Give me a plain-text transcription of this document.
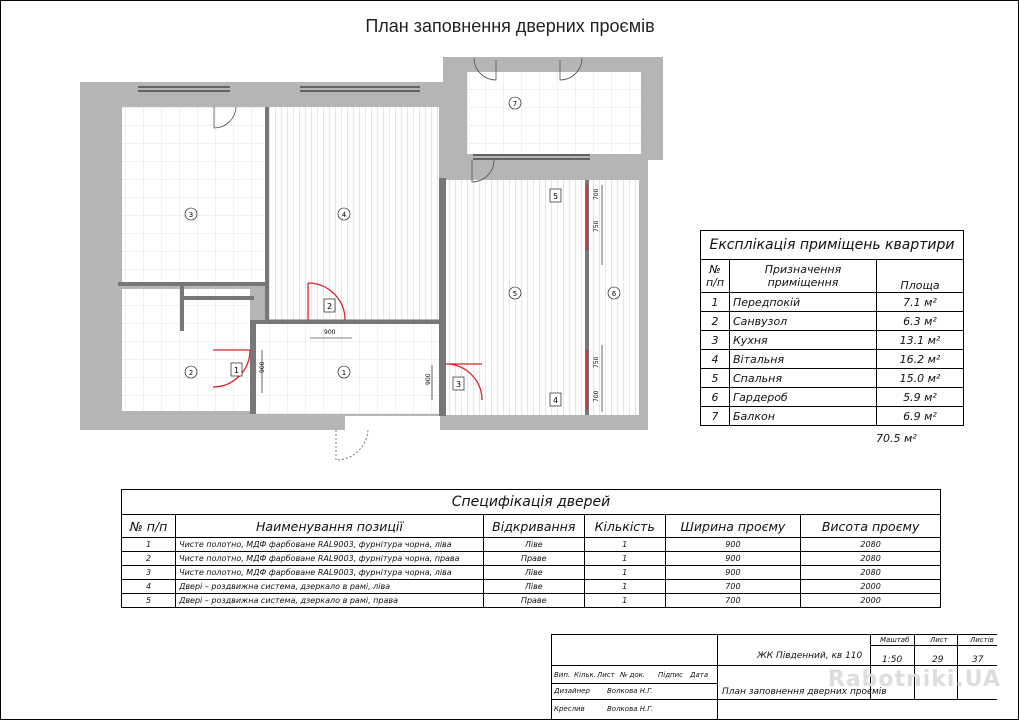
План заповнення дверних проємів
900
900
900
700
750
750
700
3	4
2	1
5	6
7
1
2
3
4
5
Експлікація приміщень квартири		
№ п/п	Призначення приміщення	Площа
1	Передпокій	7.1 м²
2	Санвузол	6.3 м²
3	Кухня	13.1 м²
4	Вітальня	16.2 м²
5	Спальня	15.0 м²
6	Гардероб	5.9 м²
7	Балкон	6.9 м²
70.5 м²
Специфікація дверей					
№ п/п	Наименування позиції	Відкривання	Кількість	Ширина проєму	Висота проєму
1	Чисте полотно, МДФ фарбоване RAL9003, фурнітура чорна, ліва	Ліве	1	900	2080
2	Чисте полотно, МДФ фарбоване RAL9003, фурнітура чорна, права	Праве	1	900	2080
3	Чисте полотно, МДФ фарбоване RAL9003, фурнітура чорна, ліва	Ліве	1	900	2080
4	Двері – роздвижна система, дзеркало в рамі, ліва	Ліве	1	700	2000
5	Двері – роздвижна система, дзеркало в рамі, права	Праве	1	700	2000
Маштаб	Лист	Листів
1:50	29	37
ЖК Південний, кв 110
План заповнення дверних проємів
Вип. Кільк. Лист № док. Підпис Дата
Дизайнер Волкова Н.Г.
Креслив	Волкова Н.Г.
Rabotniki.UA
